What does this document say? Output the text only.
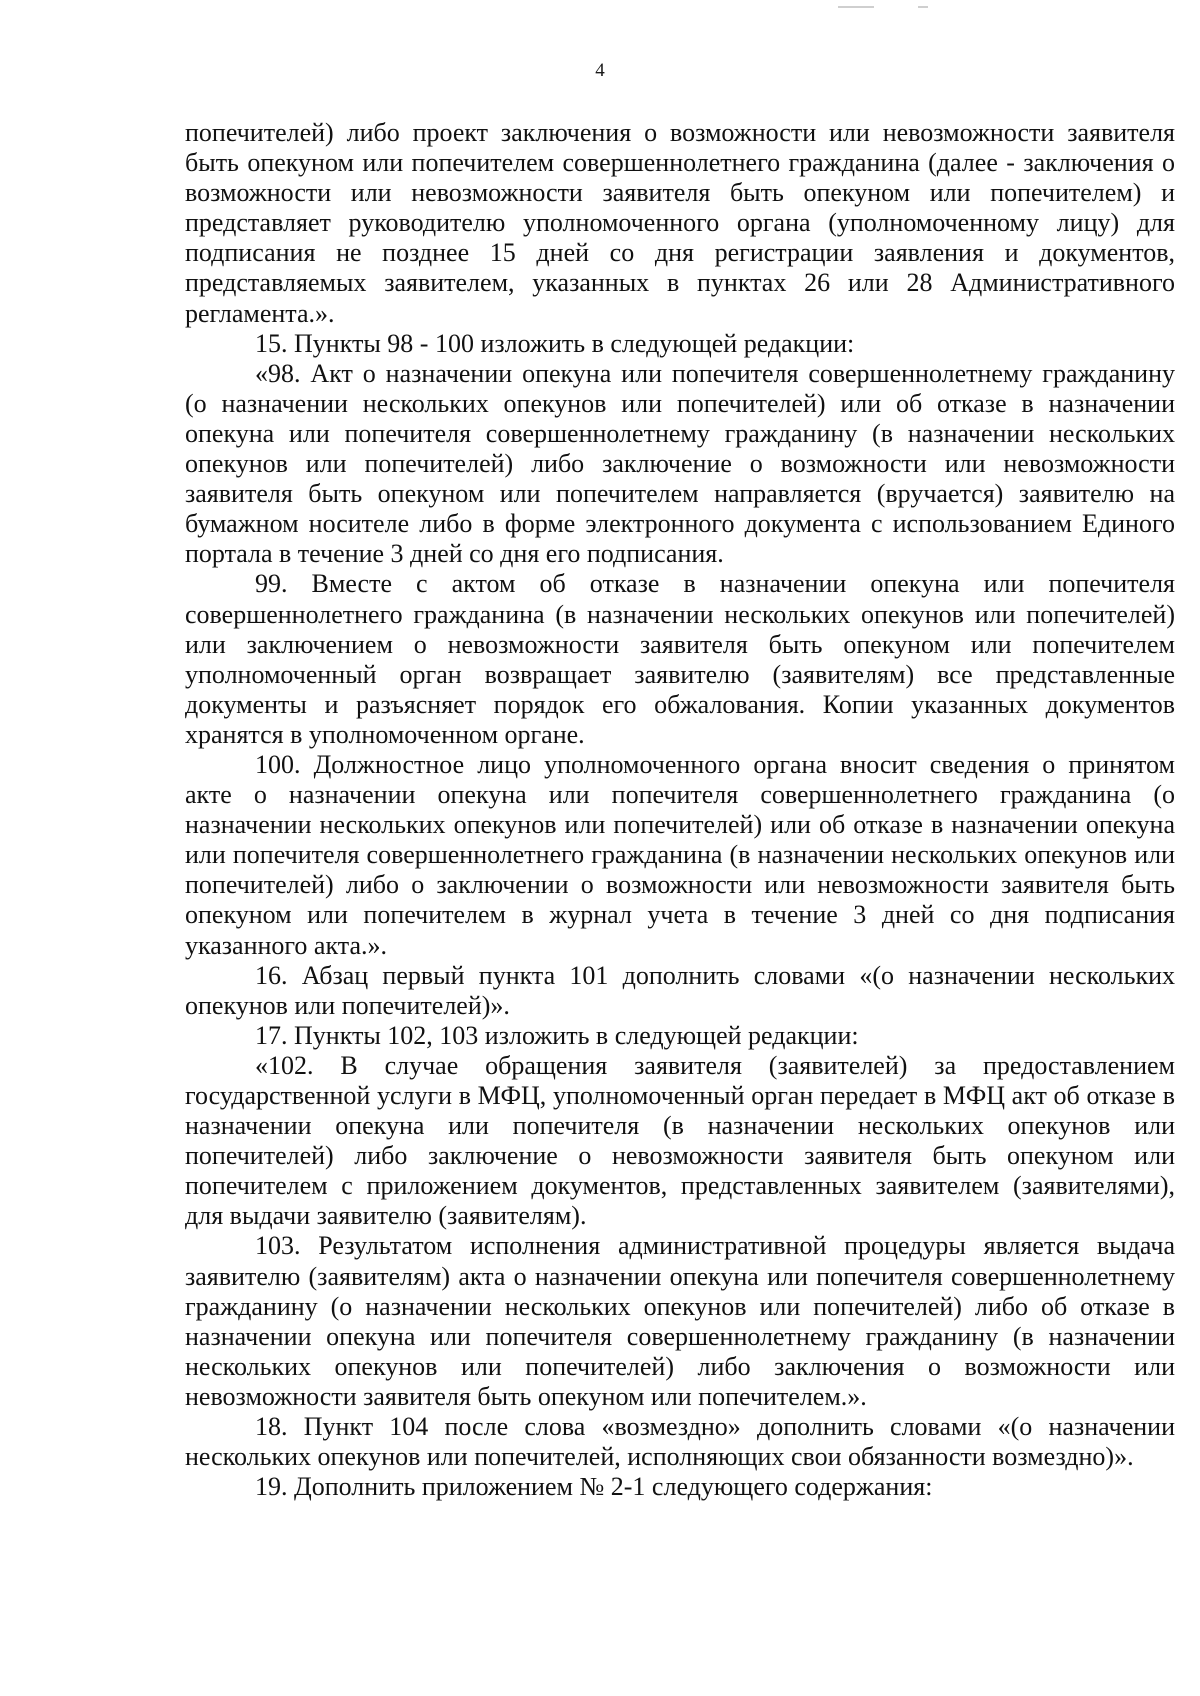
4

попечителей) либо проект заключения о возможности или невозможности заявителя быть опекуном или попечителем совершеннолетнего гражданина (далее - заключения о возможности или невозможности заявителя быть опекуном или попечителем) и представляет руководителю уполномоченного органа (уполномоченному лицу) для подписания не позднее 15 дней со дня регистрации заявления и документов, представляемых заявителем, указанных в пунктах 26 или 28 Административного регламента.».

15. Пункты 98 - 100 изложить в следующей редакции:

«98. Акт о назначении опекуна или попечителя совершеннолетнему гражданину (о назначении нескольких опекунов или попечителей) или об отказе в назначении опекуна или попечителя совершеннолетнему гражданину (в назначении нескольких опекунов или попечителей) либо заключение о возможности или невозможности заявителя быть опекуном или попечителем направляется (вручается) заявителю на бумажном носителе либо в форме электронного документа с использованием Единого портала в течение 3 дней со дня его подписания.

99. Вместе с актом об отказе в назначении опекуна или попечителя совершеннолетнего гражданина (в назначении нескольких опекунов или попечителей) или заключением о невозможности заявителя быть опекуном или попечителем уполномоченный орган возвращает заявителю (заявителям) все представленные документы и разъясняет порядок его обжалования. Копии указанных документов хранятся в уполномоченном органе.

100. Должностное лицо уполномоченного органа вносит сведения о принятом акте о назначении опекуна или попечителя совершеннолетнего гражданина (о назначении нескольких опекунов или попечителей) или об отказе в назначении опекуна или попечителя совершеннолетнего гражданина (в назначении нескольких опекунов или попечителей) либо о заключении о возможности или невозможности заявителя быть опекуном или попечителем в журнал учета в течение 3 дней со дня подписания указанного акта.».

16. Абзац первый пункта 101 дополнить словами «(о назначении нескольких опекунов или попечителей)».

17. Пункты 102, 103 изложить в следующей редакции:

«102. В случае обращения заявителя (заявителей) за предоставлением государственной услуги в МФЦ, уполномоченный орган передает в МФЦ акт об отказе в назначении опекуна или попечителя (в назначении нескольких опекунов или попечителей) либо заключение о невозможности заявителя быть опекуном или попечителем с приложением документов, представленных заявителем (заявителями), для выдачи заявителю (заявителям).

103. Результатом исполнения административной процедуры является выдача заявителю (заявителям) акта о назначении опекуна или попечителя совершеннолетнему гражданину (о назначении нескольких опекунов или попечителей) либо об отказе в назначении опекуна или попечителя совершеннолетнему гражданину (в назначении нескольких опекунов или попечителей) либо заключения о возможности или невозможности заявителя быть опекуном или попечителем.».

18. Пункт 104 после слова «возмездно» дополнить словами «(о назначении нескольких опекунов или попечителей, исполняющих свои обязанности возмездно)».

19. Дополнить приложением № 2-1 следующего содержания:
